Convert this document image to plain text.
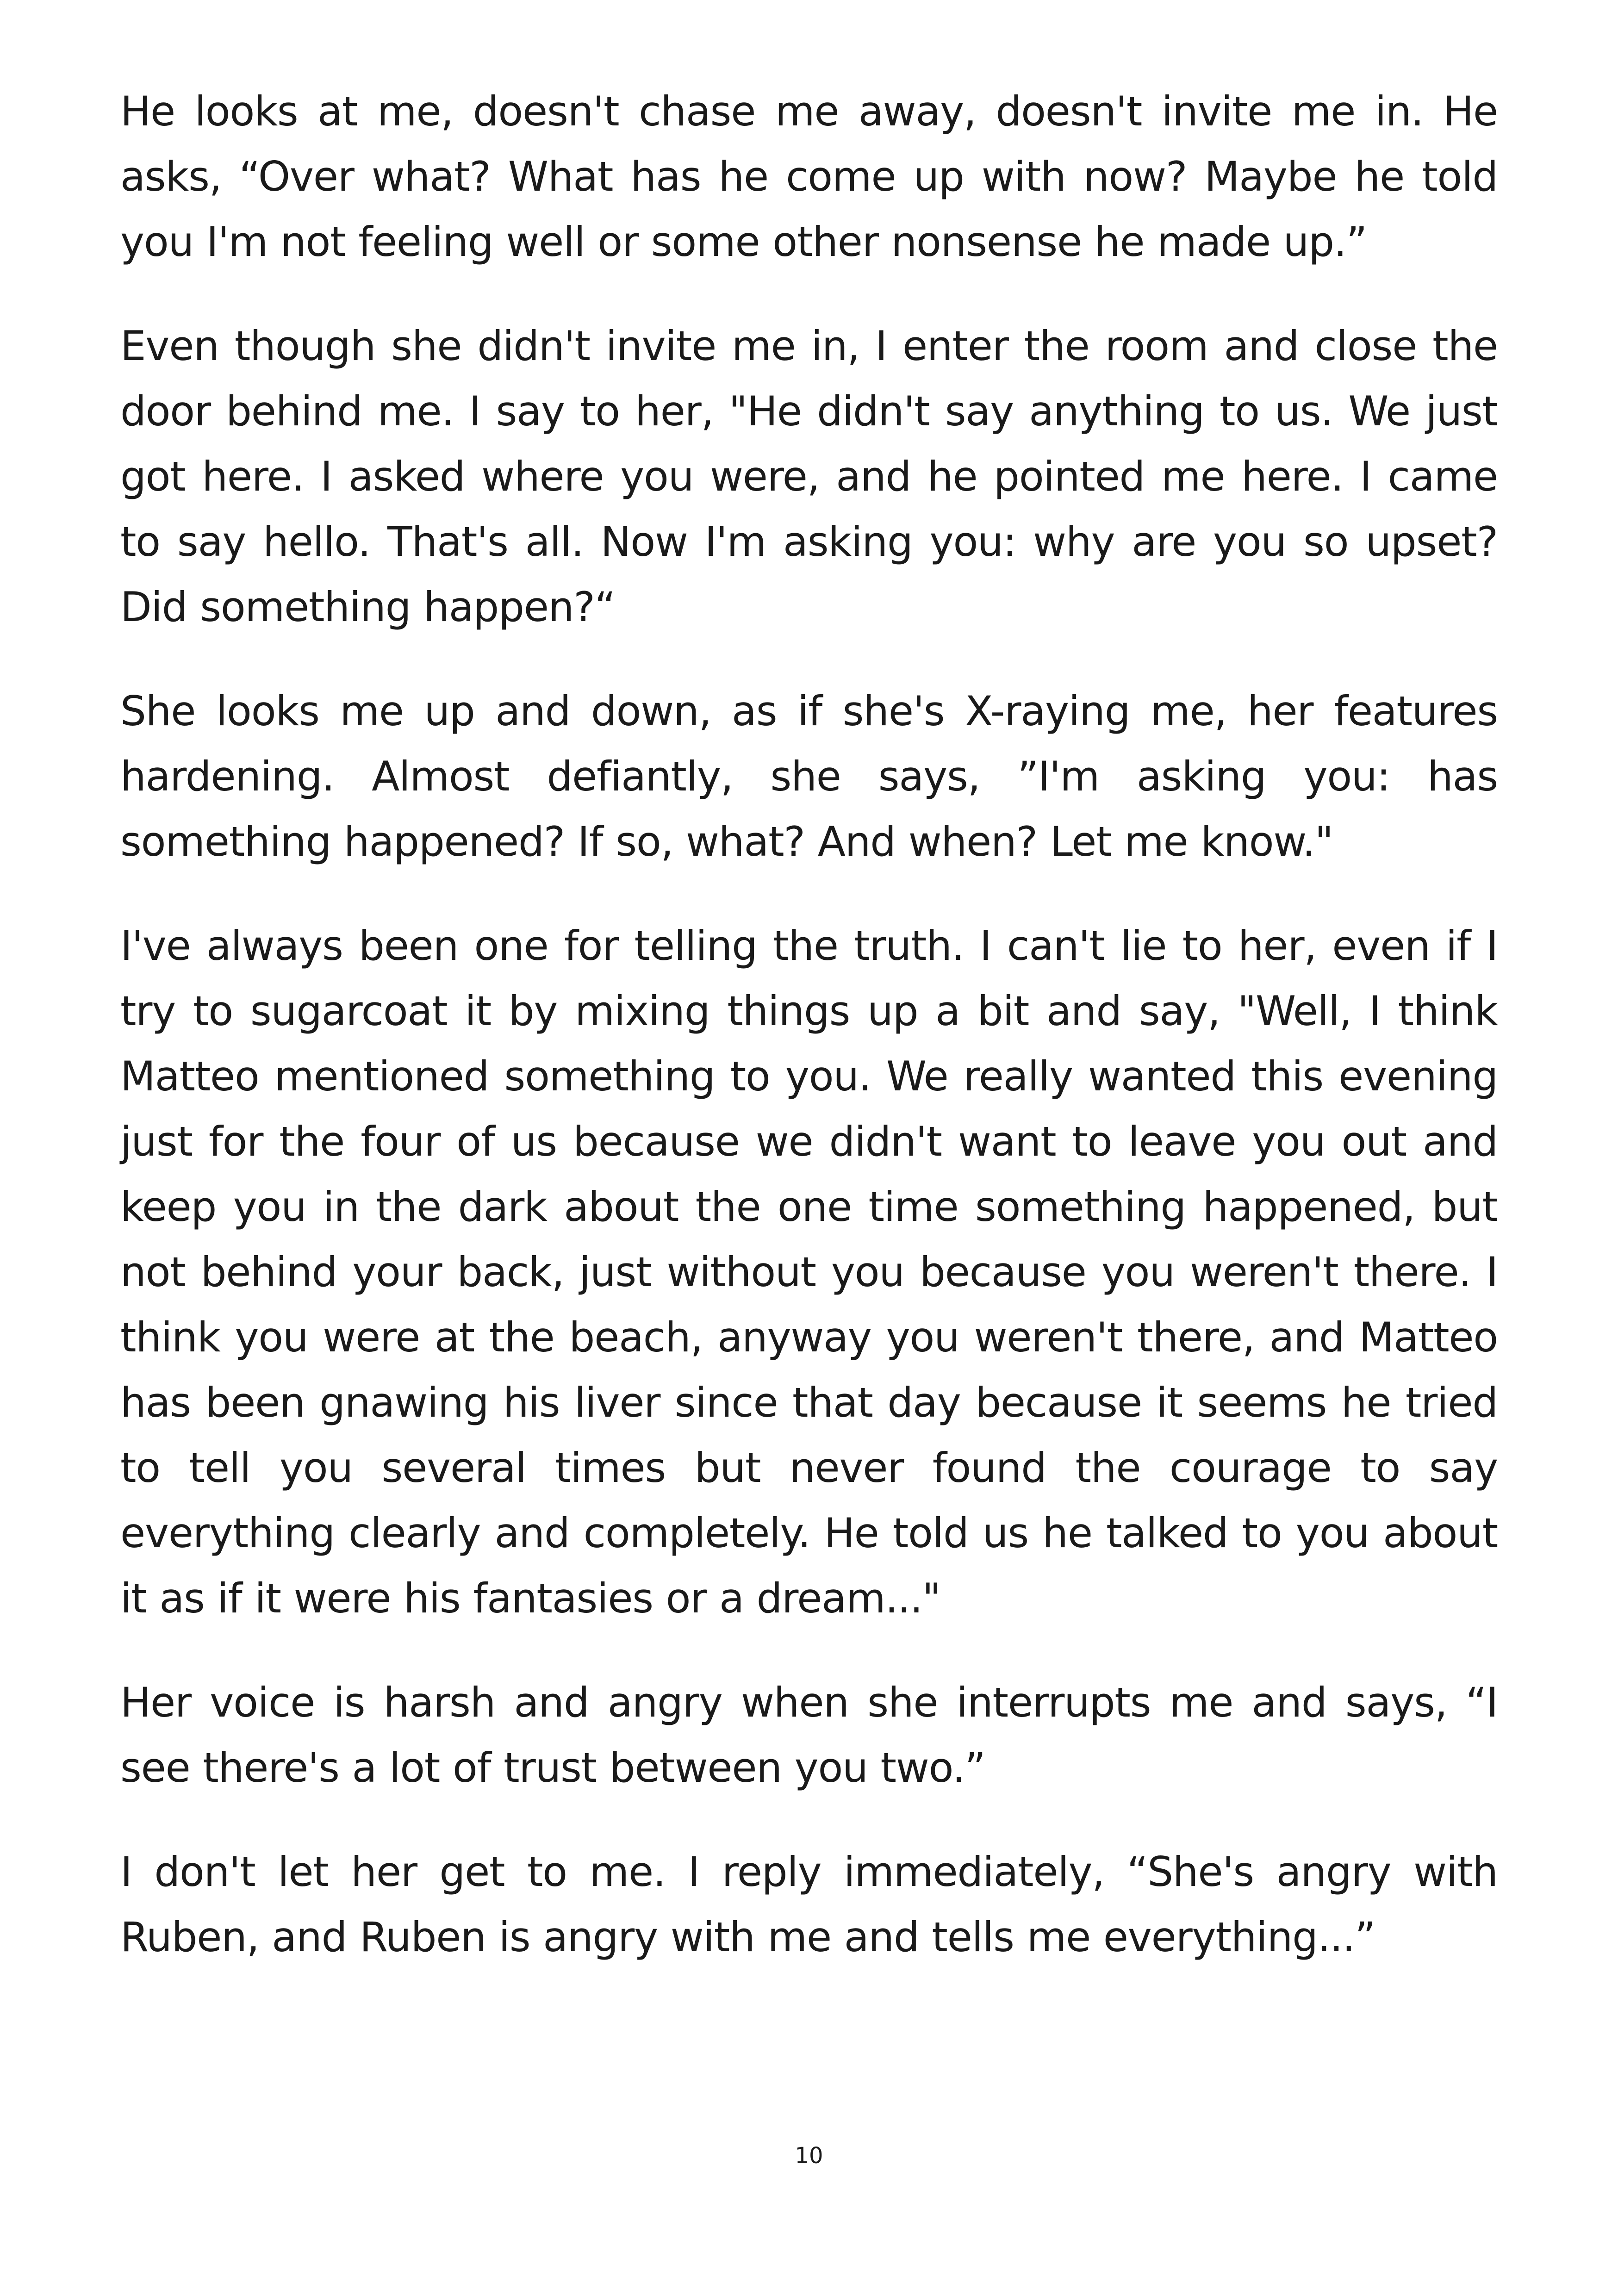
He looks at me, doesn't chase me away, doesn't invite me in. He asks, “Over what? What has he come up with now? Maybe he told you I'm not feeling well or some other nonsense he made up.”

Even though she didn't invite me in, I enter the room and close the door behind me. I say to her, "He didn't say anything to us. We just got here. I asked where you were, and he pointed me here. I came to say hello. That's all. Now I'm asking you: why are you so upset? Did something happen?“

She looks me up and down, as if she's X-raying me, her features hardening. Almost defiantly, she says, ”I'm asking you: has something happened? If so, what? And when? Let me know."

I've always been one for telling the truth. I can't lie to her, even if I try to sugarcoat it by mixing things up a bit and say, "Well, I think Matteo mentioned something to you. We really wanted this evening just for the four of us because we didn't want to leave you out and keep you in the dark about the one time something happened, but not behind your back, just without you because you weren't there. I think you were at the beach, anyway you weren't there, and Matteo has been gnawing his liver since that day because it seems he tried to tell you several times but never found the courage to say everything clearly and completely. He told us he talked to you about it as if it were his fantasies or a dream..."

Her voice is harsh and angry when she interrupts me and says, “I see there's a lot of trust between you two.”

I don't let her get to me. I reply immediately, “She's angry with Ruben, and Ruben is angry with me and tells me everything...”

10
